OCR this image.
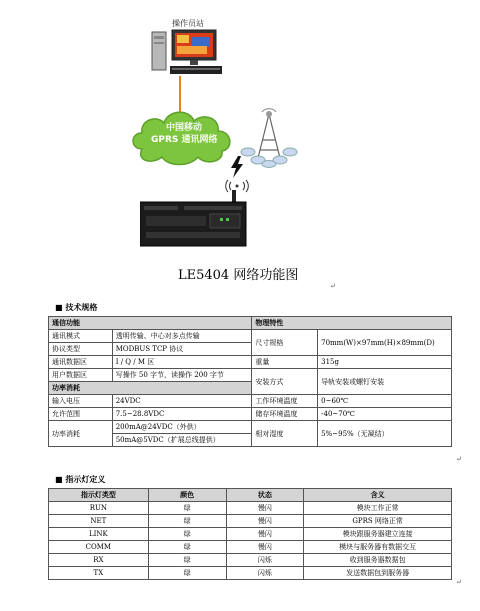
操作员站
中国移动
GPRS 通讯网络
LE5404 网络功能图
↵
■ 技术规格
通信功能		物理特性	
通讯模式	透明传输、中心对多点传输	尺寸规格	70mm(W)×97mm(H)×89mm(D)
协议类型	MODBUS TCP 协议		
通讯数据区	I / Q / M 区	重量	315g
用户数据区	写操作 50 字节，读操作 200 字节	安装方式	导轨安装或螺钉安装
功率消耗			
输入电压	24VDC	工作环境温度	0~60℃
允许范围	7.5~28.8VDC	储存环境温度	-40~70℃
功率消耗	200mA@24VDC（外供）	相对湿度	5%~95%（无凝结）
	50mA@5VDC（扩展总线提供）		
↵
■ 指示灯定义
指示灯类型	颜色	状态	含义
RUN	绿	慢闪	模块工作正常
NET	绿	慢闪	GPRS 网络正常
LINK	绿	慢闪	模块跟服务器建立连接
COMM	绿	慢闪	模块与服务器有数据交互
RX	绿	闪烁	收到服务器数据包
TX	绿	闪烁	发送数据包到服务器
↵
